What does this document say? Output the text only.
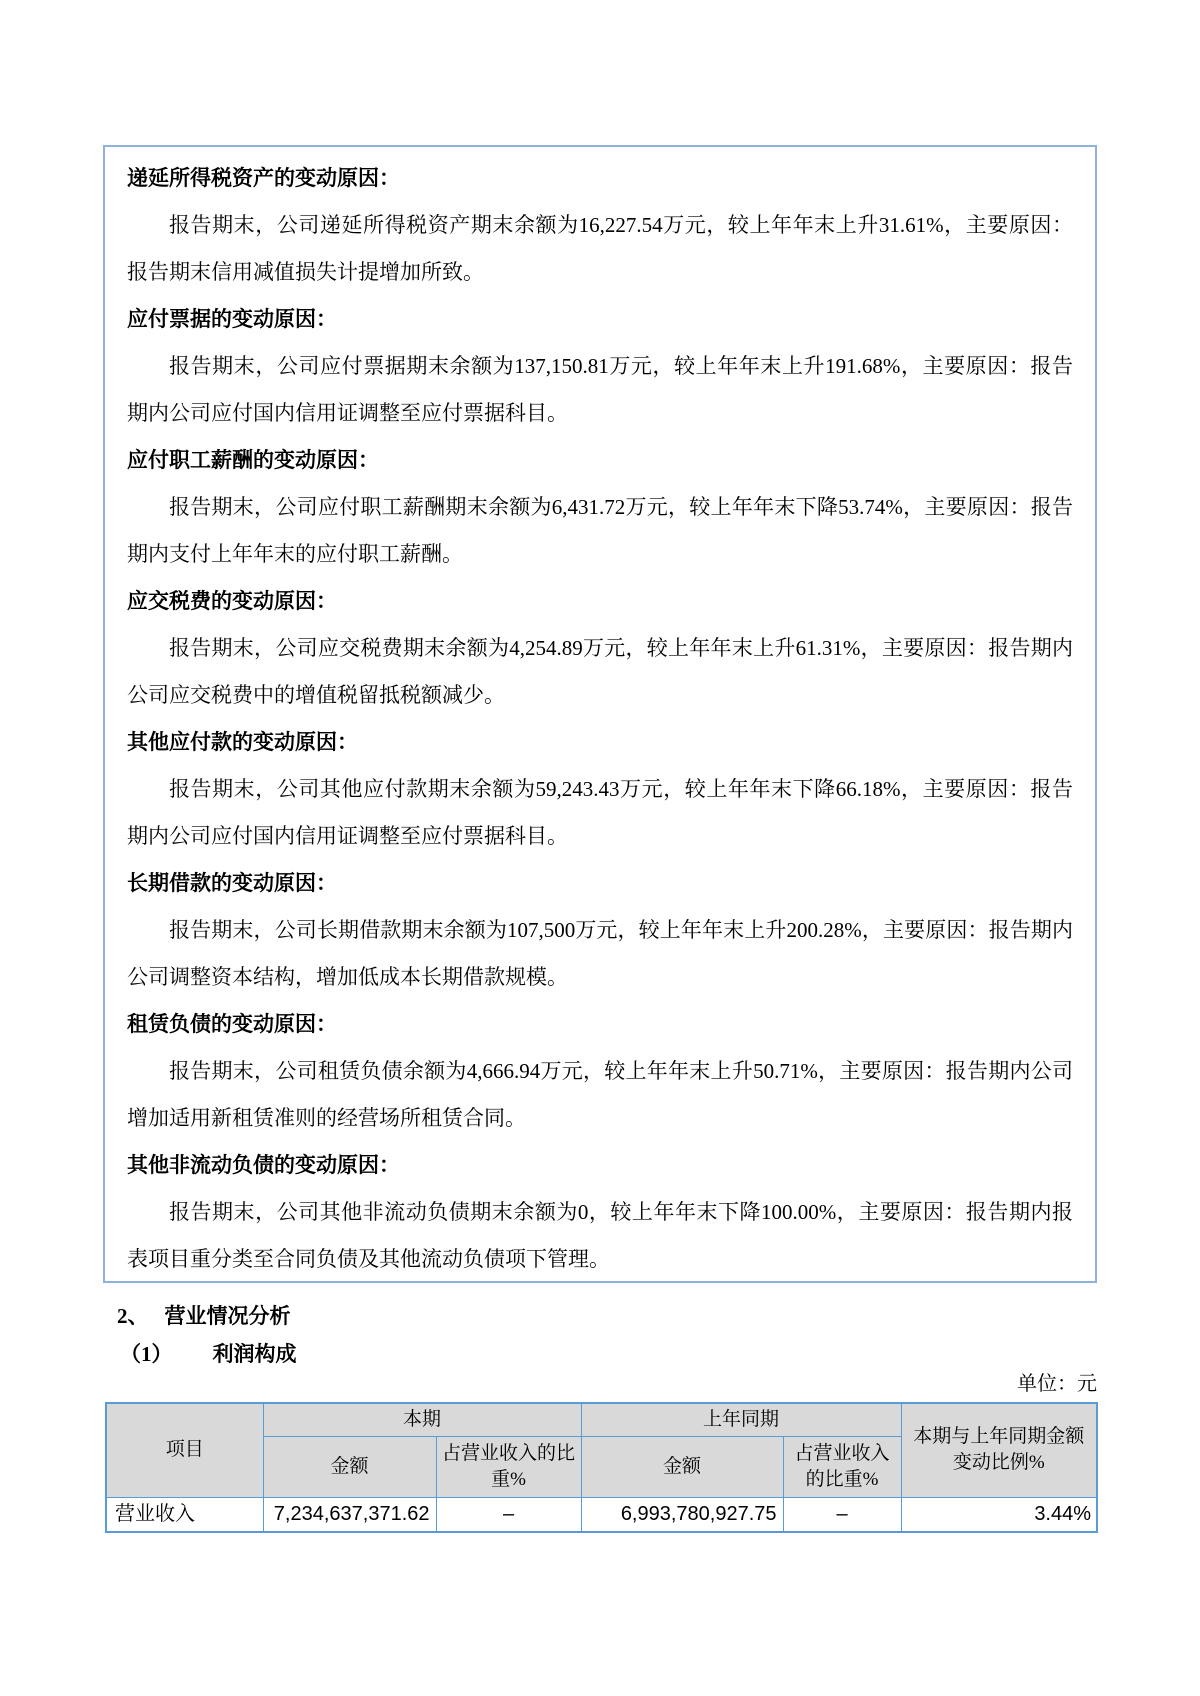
递延所得税资产的变动原因：

报告期末，公司递延所得税资产期末余额为16,227.54万元，较上年年末上升31.61%，主要原因：报告期末信用减值损失计提增加所致。

应付票据的变动原因：

报告期末，公司应付票据期末余额为137,150.81万元，较上年年末上升191.68%，主要原因：报告期内公司应付国内信用证调整至应付票据科目。

应付职工薪酬的变动原因：

报告期末，公司应付职工薪酬期末余额为6,431.72万元，较上年年末下降53.74%，主要原因：报告期内支付上年年末的应付职工薪酬。

应交税费的变动原因：

报告期末，公司应交税费期末余额为4,254.89万元，较上年年末上升61.31%，主要原因：报告期内公司应交税费中的增值税留抵税额减少。

其他应付款的变动原因：

报告期末，公司其他应付款期末余额为59,243.43万元，较上年年末下降66.18%，主要原因：报告期内公司应付国内信用证调整至应付票据科目。

长期借款的变动原因：

报告期末，公司长期借款期末余额为107,500万元，较上年年末上升200.28%，主要原因：报告期内公司调整资本结构，增加低成本长期借款规模。

租赁负债的变动原因：

报告期末，公司租赁负债余额为4,666.94万元，较上年年末上升50.71%，主要原因：报告期内公司增加适用新租赁准则的经营场所租赁合同。

其他非流动负债的变动原因：

报告期末，公司其他非流动负债期末余额为0，较上年年末下降100.00%，主要原因：报告期内报表项目重分类至合同负债及其他流动负债项下管理。

2、 营业情况分析
（1） 利润构成
单位：元
项目	本期		上年同期		本期与上年同期金额变动比例%
	金额	占营业收入的比重%	金额	占营业收入的比重%	
营业收入	7,234,637,371.62	–	6,993,780,927.75	–	3.44%
